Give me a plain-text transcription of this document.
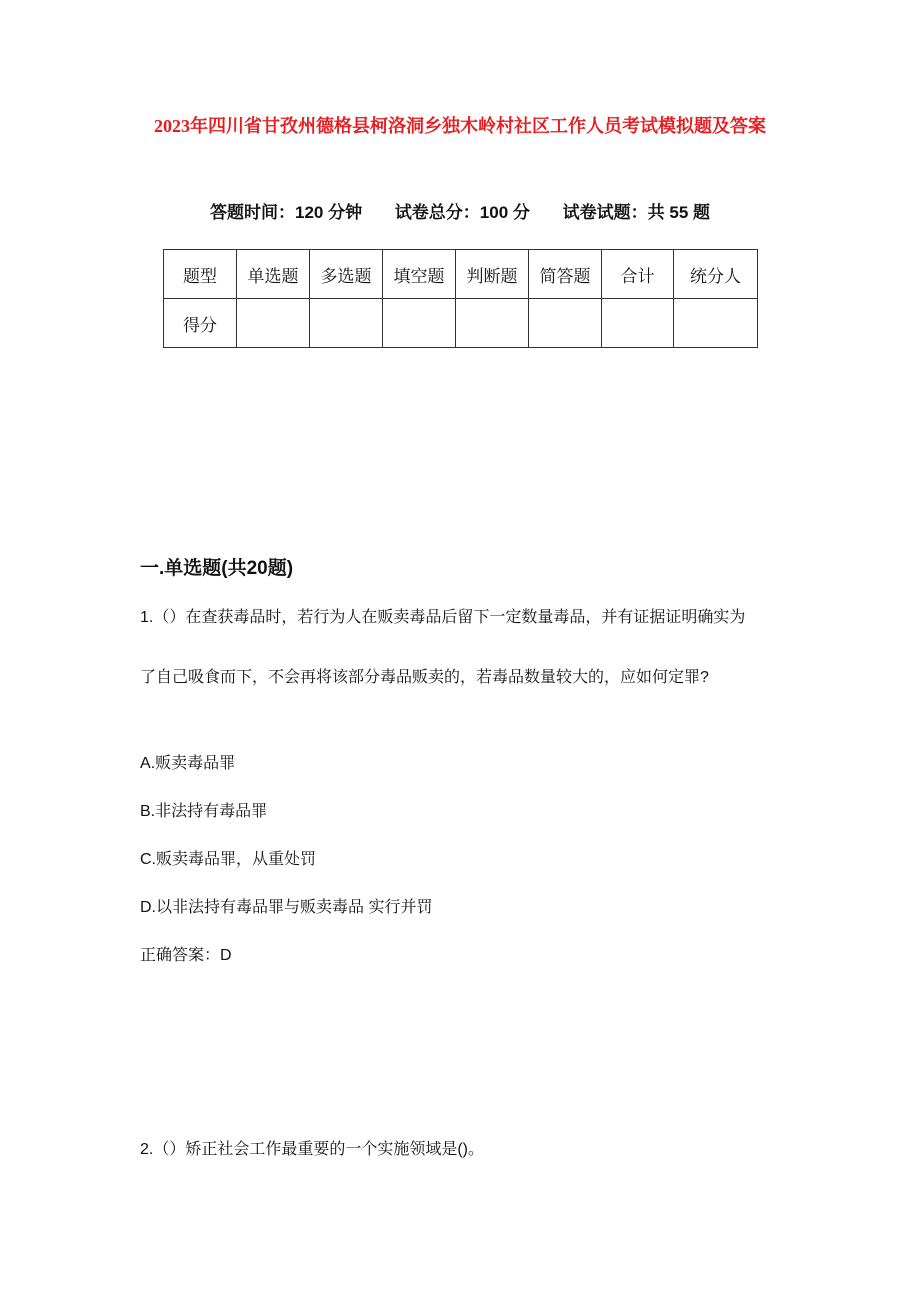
2023年四川省甘孜州德格县柯洛洞乡独木岭村社区工作人员考试模拟题及答案
答题时间：120 分钟 试卷总分：100 分 试卷试题：共 55 题
题型	单选题	多选题	填空题	判断题	简答题	合计	统分人
得分							
一.单选题(共20题)
1.（）在查获毒品时，若行为人在贩卖毒品后留下一定数量毒品，并有证据证明确实为
了自己吸食而下，不会再将该部分毒品贩卖的，若毒品数量较大的，应如何定罪?
A.贩卖毒品罪
B.非法持有毒品罪
C.贩卖毒品罪，从重处罚
D.以非法持有毒品罪与贩卖毒品 实行并罚
正确答案：D
2.（）矫正社会工作最重要的一个实施领域是()。
